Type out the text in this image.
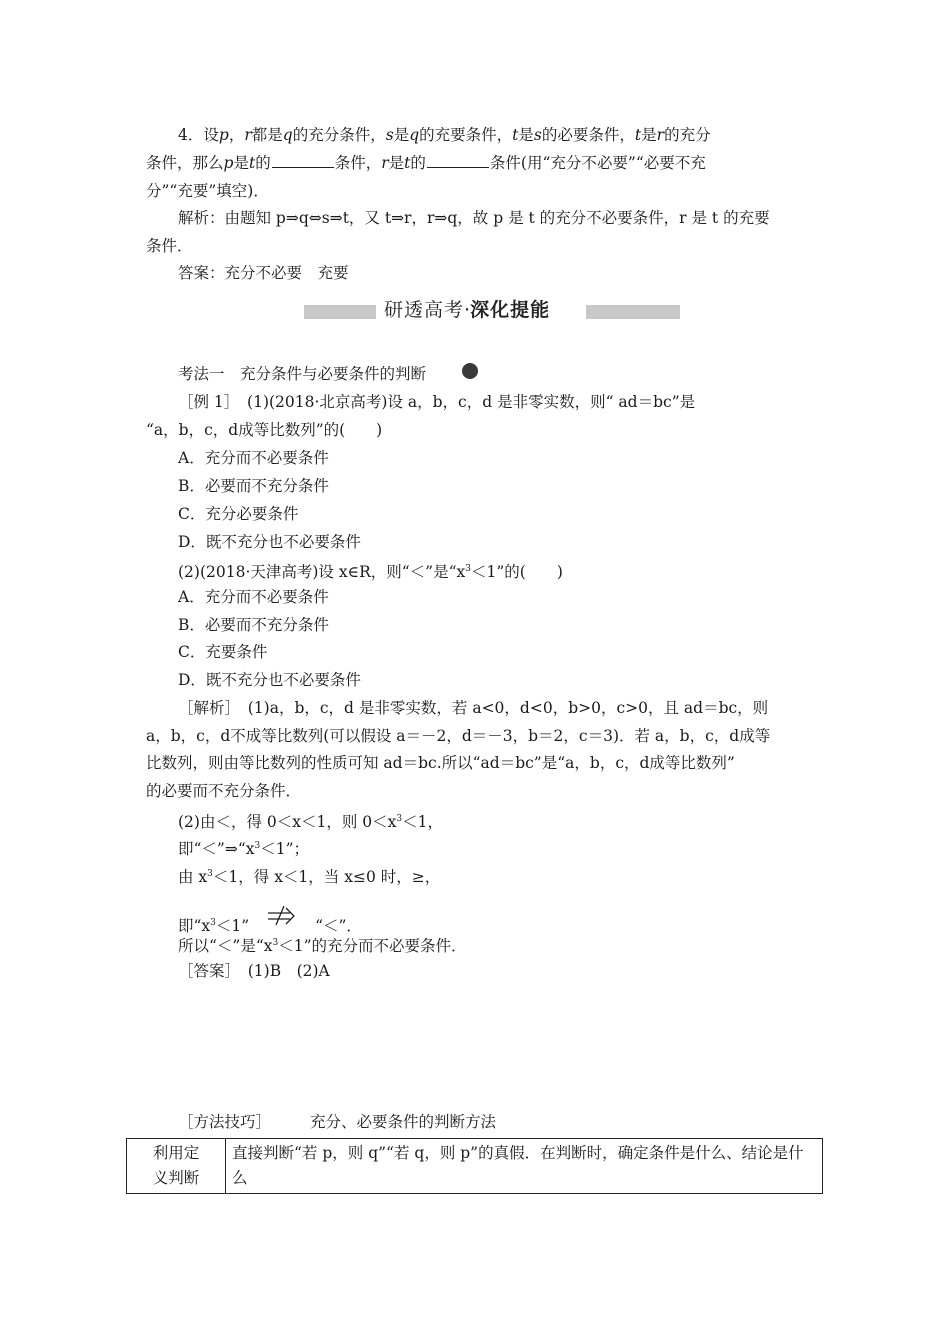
4．设p，r都是q的充分条件，s是q的充要条件，t是s的必要条件，t是r的充分
条件，那么p是t的	条件，r是t的	条件(用“充分不必要”“必要不充
分”“充要”填空)．
解析：由题知 p⇒q⇔s⇒t，又 t⇒r，r⇒q，故 p 是 t 的充分不必要条件，r 是 t 的充要
条件．
答案：充分不必要　充要
研透高考·深化提能
考法一　充分条件与必要条件的判断
［例 1］　(1)(2018·北京高考)设 a，b，c，d 是非零实数，则“ ad＝bc”是
“a，b，c，d成等比数列”的(　　)
A．充分而不必要条件
B．必要而不充分条件
C．充分必要条件
D．既不充分也不必要条件
(2)(2018·天津高考)设 x∈R，则“＜”是“$x^3<1$”的(　　)
A．充分而不必要条件
B．必要而不充分条件
C．充要条件
D．既不充分也不必要条件
［解析］　(1)a，b，c，d 是非零实数，若 a<0，d<0，b>0，c>0，且 ad＝bc，则
a，b，c，d不成等比数列(可以假设 a＝－2，d＝－3，b＝2，c＝3)．若 a，b，c，d成等
比数列，则由等比数列的性质可知 ad＝bc.所以“ad＝bc”是“a，b，c，d成等比数列”
的必要而不充分条件．
(2)由＜，得 0＜x＜1，则 $0<x^3<1$，
即“$<”\Rightarrow“x^3<1$”；
由 $x^3<1$，得 x＜1，当 x≤0 时，≥，
即“$x^3<1$”	“＜”．
所以“＜”是“$x^3<1$”的充分而不必要条件．
［答案］　(1)B　(2)A
［方法技巧］	充分、必要条件的判断方法
利用定
义判断
	直接判断“若 p，则 q”“若 q，则 p”的真假．在判断时，确定条件是什么、结论是什么
